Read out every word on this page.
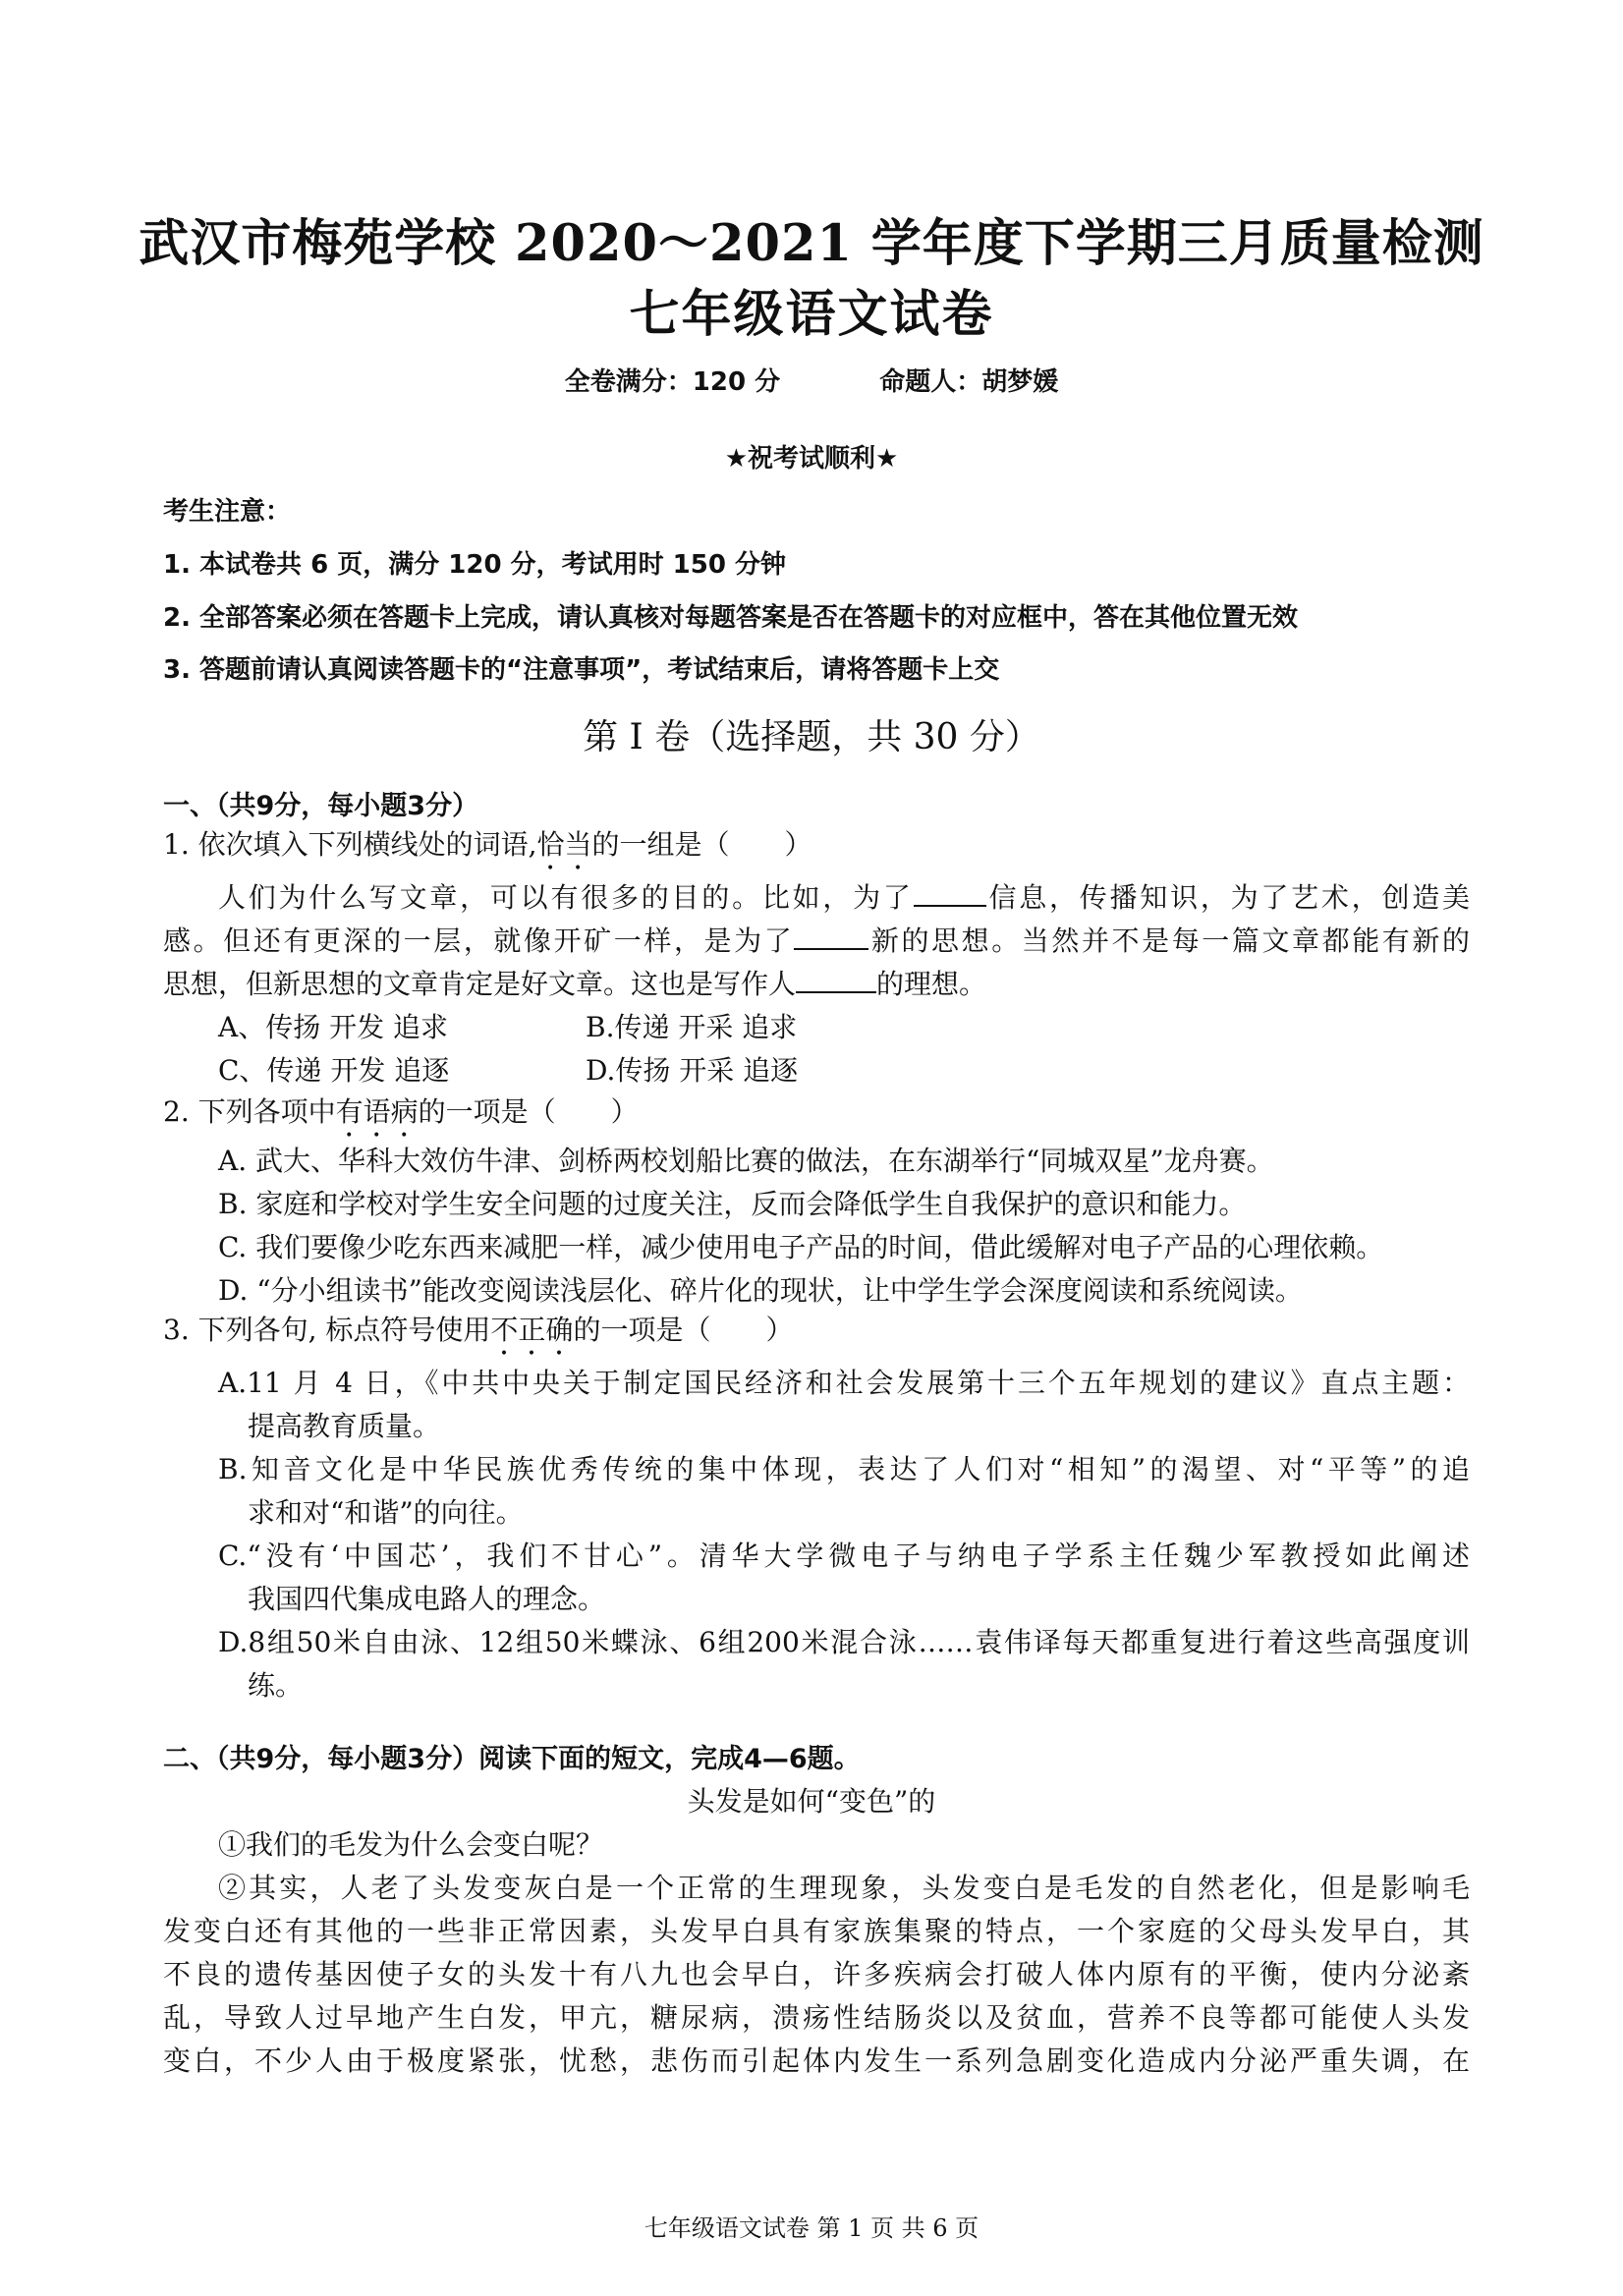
武汉市梅苑学校 2020～2021 学年度下学期三月质量检测
七年级语文试卷
全卷满分：120 分	命题人：胡梦媛
★祝考试顺利★
考生注意：
1. 本试卷共 6 页，满分 120 分，考试用时 150 分钟
2. 全部答案必须在答题卡上完成，请认真核对每题答案是否在答题卡的对应框中，答在其他位置无效
3. 答题前请认真阅读答题卡的“注意事项”，考试结束后，请将答题卡上交
第 I 卷（选择题，共 30 分）
一、（共9分，每小题3分）
1. 依次填入下列横线处的词语,恰当的一组是（　　）
人们为什么写文章，可以有很多的目的。比如，为了	信息，传播知识，为了艺术，创造美
感。但还有更深的一层，就像开矿一样，是为了	新的思想。当然并不是每一篇文章都能有新的
思想，但新思想的文章肯定是好文章。这也是写作人	的理想。
A、传扬 开发 追求	B.传递 开采 追求
C、传递 开发 追逐	D.传扬 开采 追逐
2. 下列各项中有语病的一项是（　　）
A. 武大、华科大效仿牛津、剑桥两校划船比赛的做法，在东湖举行“同城双星”龙舟赛。
B. 家庭和学校对学生安全问题的过度关注，反而会降低学生自我保护的意识和能力。
C. 我们要像少吃东西来减肥一样，减少使用电子产品的时间，借此缓解对电子产品的心理依赖。
D. “分小组读书”能改变阅读浅层化、碎片化的现状，让中学生学会深度阅读和系统阅读。
3. 下列各句, 标点符号使用不正确的一项是（　　）
A.11 月 4 日，《中共中央关于制定国民经济和社会发展第十三个五年规划的建议》直点主题：
提高教育质量。
B.知音文化是中华民族优秀传统的集中体现，表达了人们对“相知”的渴望、对“平等”的追
求和对“和谐”的向往。
C.“没有‘中国芯’，我们不甘心”。清华大学微电子与纳电子学系主任魏少军教授如此阐述
我国四代集成电路人的理念。
D.8组50米自由泳、12组50米蝶泳、6组200米混合泳……袁伟译每天都重复进行着这些高强度训
练。
二、（共9分，每小题3分）阅读下面的短文，完成4—6题。
头发是如何“变色”的
①我们的毛发为什么会变白呢？
②其实，人老了头发变灰白是一个正常的生理现象，头发变白是毛发的自然老化，但是影响毛
发变白还有其他的一些非正常因素，头发早白具有家族集聚的特点，一个家庭的父母头发早白，其
不良的遗传基因使子女的头发十有八九也会早白，许多疾病会打破人体内原有的平衡，使内分泌紊
乱，导致人过早地产生白发，甲亢，糖尿病，溃疡性结肠炎以及贫血，营养不良等都可能使人头发
变白，不少人由于极度紧张，忧愁，悲伤而引起体内发生一系列急剧变化造成内分泌严重失调，在
七年级语文试卷 第 1 页 共 6 页
